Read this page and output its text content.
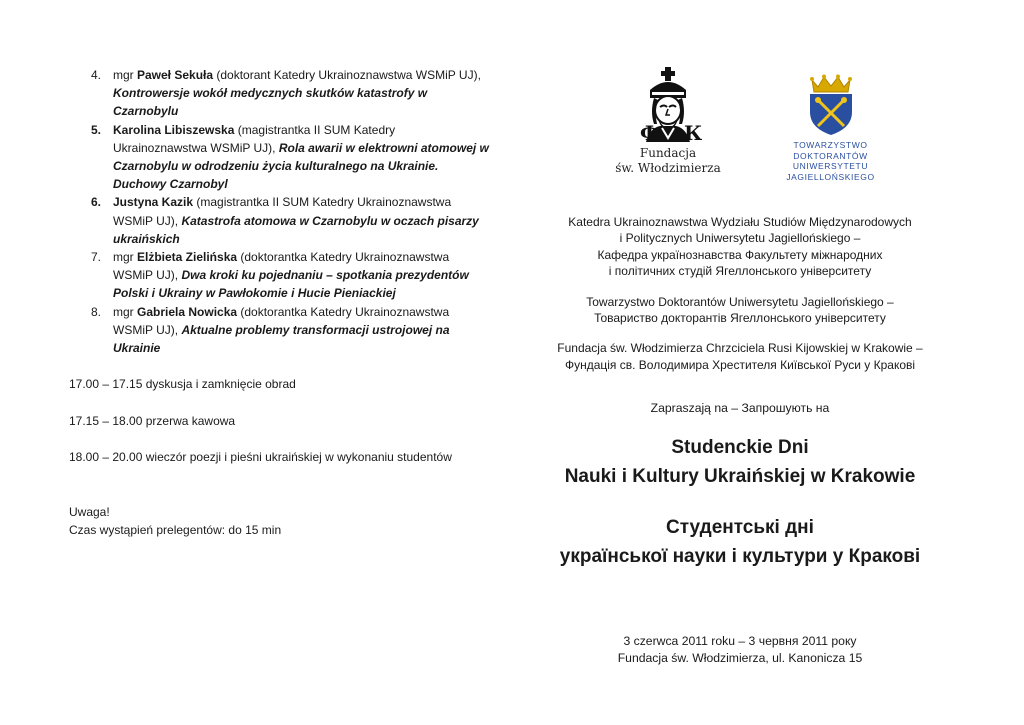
4. mgr Paweł Sekuła (doktorant Katedry Ukrainoznawstwa WSMiP UJ), Kontrowersje wokół medycznych skutków katastrofy w Czarnobylu
5. Karolina Libiszewska (magistrantka II SUM Katedry Ukrainoznawstwa WSMiP UJ), Rola awarii w elektrowni atomowej w Czarnobylu w odrodzeniu życia kulturalnego na Ukrainie. Duchowy Czarnobyl
6. Justyna Kazik (magistrantka II SUM Katedry Ukrainoznawstwa WSMiP UJ), Katastrofa atomowa w Czarnobylu w oczach pisarzy ukraińskich
7. mgr Elżbieta Zielińska (doktorantka Katedry Ukrainoznawstwa WSMiP UJ), Dwa kroki ku pojednaniu – spotkania prezydentów Polski i Ukrainy w Pawłokomie i Hucie Pieniackiej
8. mgr Gabriela Nowicka (doktorantka Katedry Ukrainoznawstwa WSMiP UJ), Aktualne problemy transformacji ustrojowej na Ukrainie

17.00 – 17.15 dyskusja i zamknięcie obrad

17.15 – 18.00 przerwa kawowa

18.00 – 20.00 wieczór poezji i pieśni ukraińskiej w wykonaniu studentów

Uwaga!

Czas wystąpień prelegentów: do 15 min

Ф К
Fundacja
św. Włodzimierza
TOWARZYSTWO
DOKTORANTÓW
UNIWERSYTETU
JAGIELLOŃSKIEGO
Katedra Ukrainoznawstwa Wydziału Studiów Międzynarodowych
i Politycznych Uniwersytetu Jagiellońskiego –
Кафедра українознавства Факультету міжнародних
і політичних студій Ягеллонського університету
Towarzystwo Doktorantów Uniwersytetu Jagiellońskiego –
Товариство докторантів Ягеллонського університету
Fundacja św. Włodzimierza Chrzciciela Rusi Kijowskiej w Krakowie –
Фундація св. Володимира Хрестителя Київської Руси у Кракові
Zapraszają na – Запрошують на
Studenckie Dni
Nauki i Kultury Ukraińskiej w Krakowie
Студентські дні
української науки і культури у Кракові
3 czerwca 2011 roku – 3 червня 2011 року
Fundacja św. Włodzimierza, ul. Kanonicza 15
